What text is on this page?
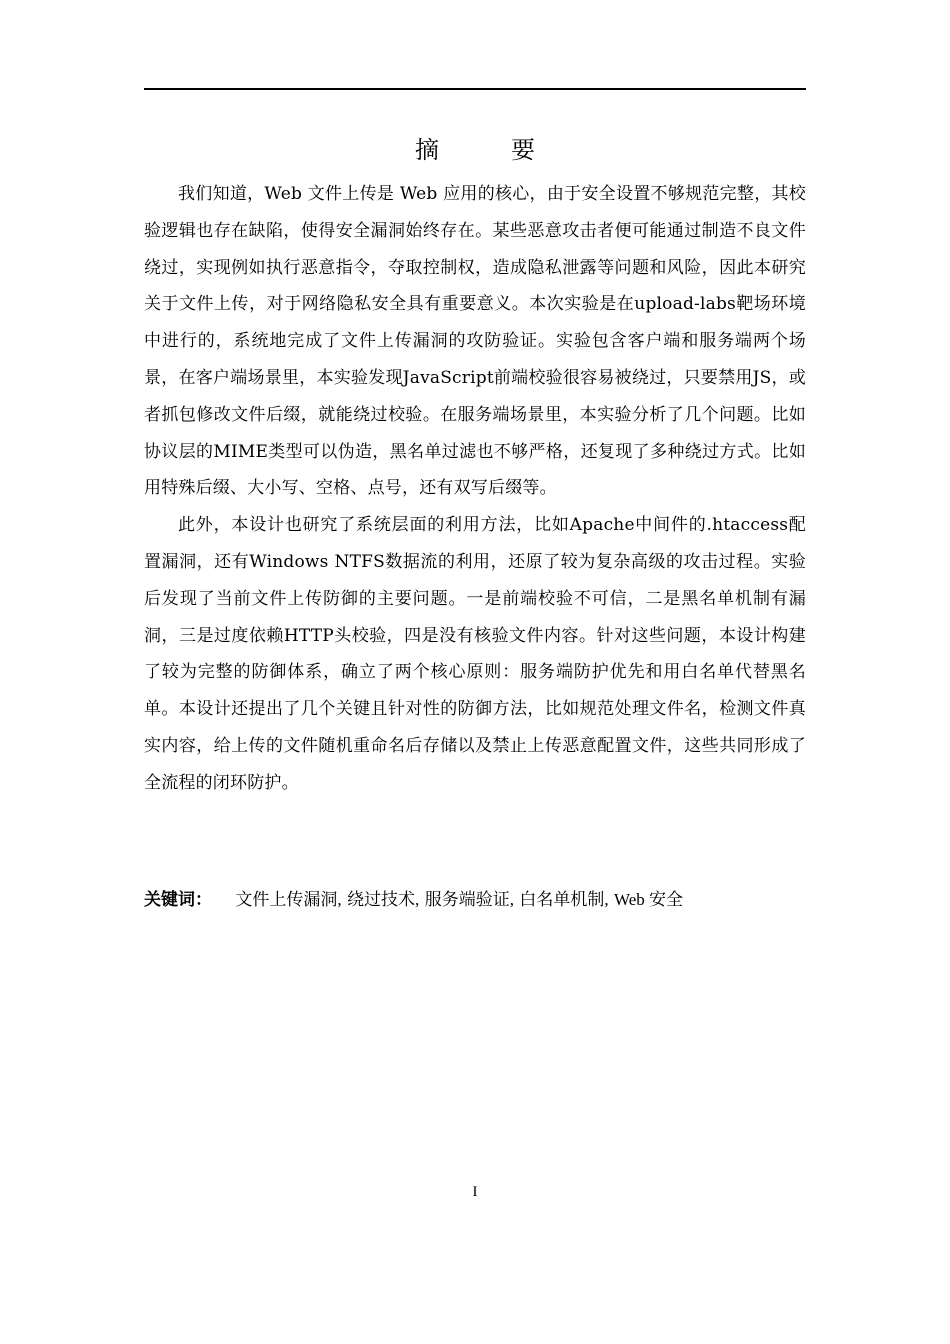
摘　要

我们知道，Web 文件上传是 Web 应用的核心，由于安全设置不够规范完整，其校验逻辑也存在缺陷，使得安全漏洞始终存在。某些恶意攻击者便可能通过制造不良文件绕过，实现例如执行恶意指令，夺取控制权，造成隐私泄露等问题和风险，因此本研究关于文件上传，对于网络隐私安全具有重要意义。本次实验是在upload-labs靶场环境中进行的，系统地完成了文件上传漏洞的攻防验证。实验包含客户端和服务端两个场景，在客户端场景里，本实验发现JavaScript前端校验很容易被绕过，只要禁用JS，或者抓包修改文件后缀，就能绕过校验。在服务端场景里，本实验分析了几个问题。比如协议层的MIME类型可以伪造，黑名单过滤也不够严格，还复现了多种绕过方式。比如用特殊后缀、大小写、空格、点号，还有双写后缀等。

此外，本设计也研究了系统层面的利用方法，比如Apache中间件的.htaccess配置漏洞，还有Windows NTFS数据流的利用，还原了较为复杂高级的攻击过程。实验后发现了当前文件上传防御的主要问题。一是前端校验不可信，二是黑名单机制有漏洞，三是过度依赖HTTP头校验，四是没有核验文件内容。针对这些问题，本设计构建了较为完整的防御体系，确立了两个核心原则：服务端防护优先和用白名单代替黑名单。本设计还提出了几个关键且针对性的防御方法，比如规范处理文件名，检测文件真实内容，给上传的文件随机重命名后存储以及禁止上传恶意配置文件，这些共同形成了全流程的闭环防护。

关键词： 文件上传漏洞, 绕过技术, 服务端验证, 白名单机制, Web 安全
I
